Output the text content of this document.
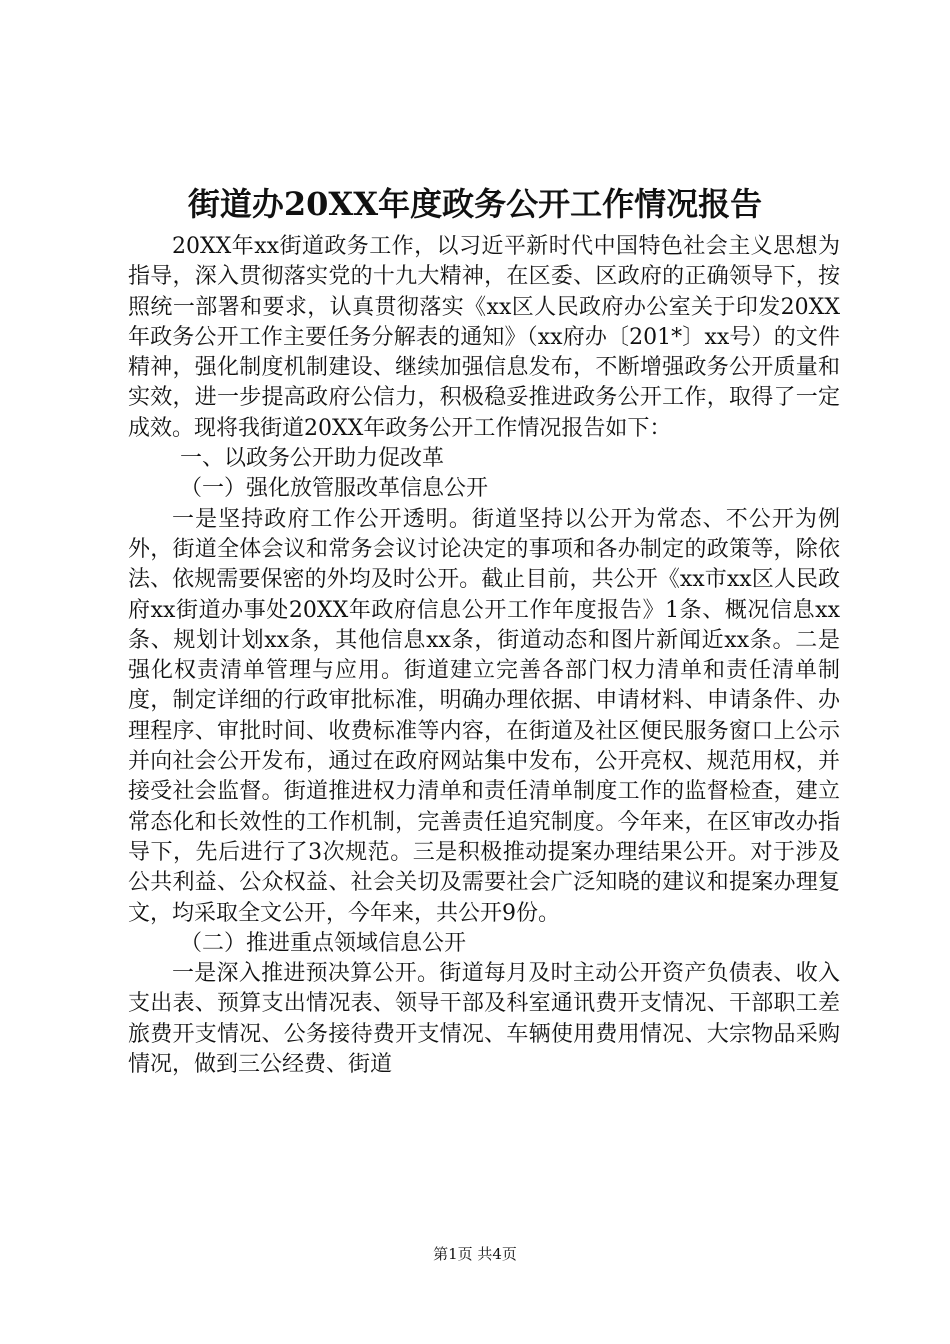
街道办20XX年度政务公开工作情况报告

20XX年xx街道政务工作，以习近平新时代中国特色社会主义思想为指导，深入贯彻落实党的十九大精神，在区委、区政府的正确领导下，按照统一部署和要求，认真贯彻落实《xx区人民政府办公室关于印发20XX年政务公开工作主要任务分解表的通知》（xx府办〔201*〕xx号）的文件精神，强化制度机制建设、继续加强信息发布，不断增强政务公开质量和实效，进一步提高政府公信力，积极稳妥推进政务公开工作，取得了一定成效。现将我街道20XX年政务公开工作情况报告如下：

一、以政务公开助力促改革

（一）强化放管服改革信息公开

一是坚持政府工作公开透明。街道坚持以公开为常态、不公开为例外，街道全体会议和常务会议讨论决定的事项和各办制定的政策等，除依法、依规需要保密的外均及时公开。截止目前，共公开《xx市xx区人民政府xx街道办事处20XX年政府信息公开工作年度报告》1条、概况信息xx条、规划计划xx条，其他信息xx条，街道动态和图片新闻近xx条。二是强化权责清单管理与应用。街道建立完善各部门权力清单和责任清单制度，制定详细的行政审批标准，明确办理依据、申请材料、申请条件、办理程序、审批时间、收费标准等内容，在街道及社区便民服务窗口上公示并向社会公开发布，通过在政府网站集中发布，公开亮权、规范用权，并接受社会监督。街道推进权力清单和责任清单制度工作的监督检查，建立常态化和长效性的工作机制，完善责任追究制度。今年来，在区审改办指导下，先后进行了3次规范。三是积极推动提案办理结果公开。对于涉及公共利益、公众权益、社会关切及需要社会广泛知晓的建议和提案办理复文，均采取全文公开，今年来，共公开9份。

（二）推进重点领域信息公开

一是深入推进预决算公开。街道每月及时主动公开资产负债表、收入支出表、预算支出情况表、领导干部及科室通讯费开支情况、干部职工差旅费开支情况、公务接待费开支情况、车辆使用费用情况、大宗物品采购情况，做到三公经费、街道

第1页 共4页
